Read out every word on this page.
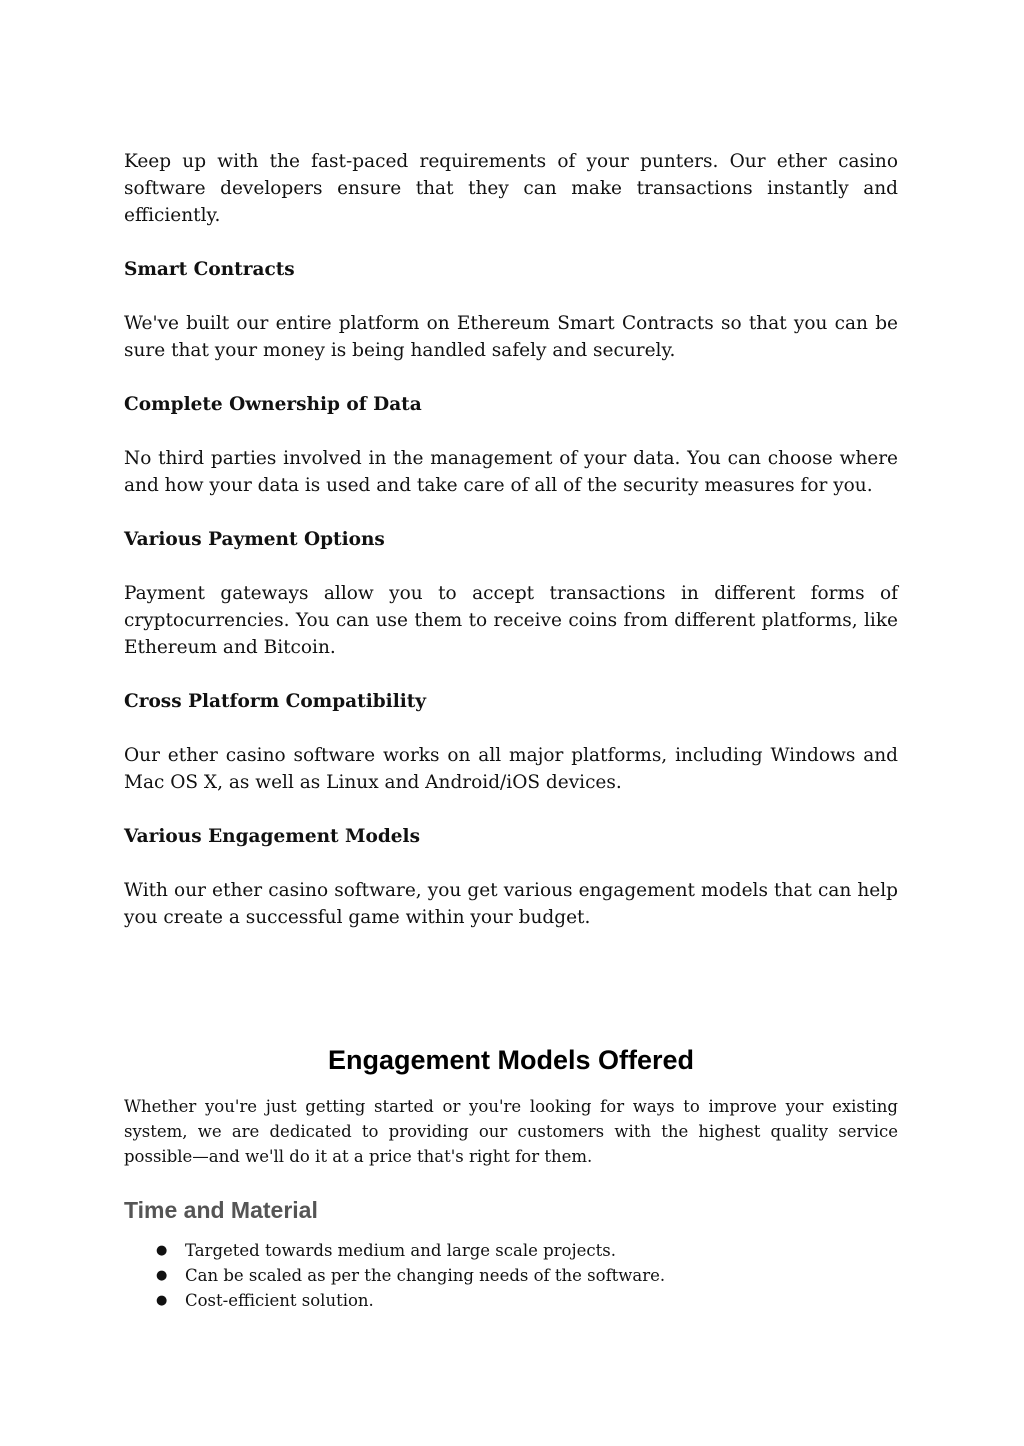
Keep up with the fast-paced requirements of your punters. Our ether casino software developers ensure that they can make transactions instantly and efficiently.

Smart Contracts

We've built our entire platform on Ethereum Smart Contracts so that you can be sure that your money is being handled safely and securely.

Complete Ownership of Data

No third parties involved in the management of your data. You can choose where and how your data is used and take care of all of the security measures for you.

Various Payment Options

Payment gateways allow you to accept transactions in different forms of cryptocurrencies. You can use them to receive coins from different platforms, like Ethereum and Bitcoin.

Cross Platform Compatibility

Our ether casino software works on all major platforms, including Windows and Mac OS X, as well as Linux and Android/iOS devices.

Various Engagement Models

With our ether casino software, you get various engagement models that can help you create a successful game within your budget.

Engagement Models Offered

Whether you're just getting started or you're looking for ways to improve your existing system, we are dedicated to providing our customers with the highest quality service possible—and we'll do it at a price that's right for them.

Time and Material
● Targeted towards medium and large scale projects.
● Can be scaled as per the changing needs of the software.
● Cost-efficient solution.
